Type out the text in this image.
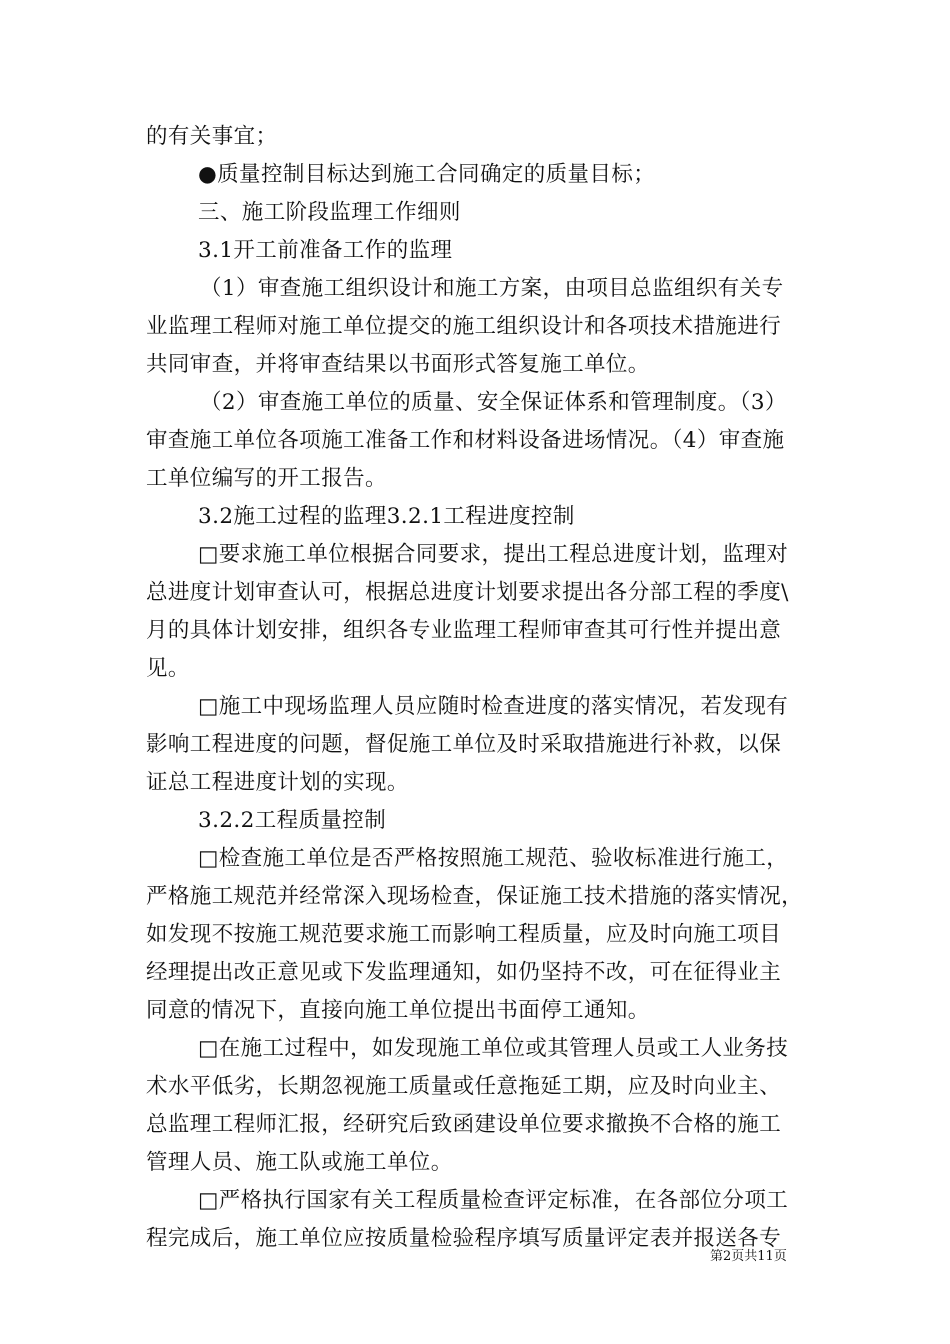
的有关事宜；
●质量控制目标达到施工合同确定的质量目标；
三、施工阶段监理工作细则
3.1开工前准备工作的监理
（1）审查施工组织设计和施工方案，由项目总监组织有关专
业监理工程师对施工单位提交的施工组织设计和各项技术措施进行
共同审查，并将审查结果以书面形式答复施工单位。
（2）审查施工单位的质量、安全保证体系和管理制度。（3）
审查施工单位各项施工准备工作和材料设备进场情况。（4）审查施
工单位编写的开工报告。
3.2施工过程的监理3.2.1工程进度控制
□要求施工单位根据合同要求，提出工程总进度计划，监理对
总进度计划审查认可，根据总进度计划要求提出各分部工程的季度\
月的具体计划安排，组织各专业监理工程师审查其可行性并提出意
见。
□施工中现场监理人员应随时检查进度的落实情况，若发现有
影响工程进度的问题，督促施工单位及时采取措施进行补救，以保
证总工程进度计划的实现。
3.2.2工程质量控制
□检查施工单位是否严格按照施工规范、验收标准进行施工，
严格施工规范并经常深入现场检查，保证施工技术措施的落实情况，
如发现不按施工规范要求施工而影响工程质量，应及时向施工项目
经理提出改正意见或下发监理通知，如仍坚持不改，可在征得业主
同意的情况下，直接向施工单位提出书面停工通知。
□在施工过程中，如发现施工单位或其管理人员或工人业务技
术水平低劣，长期忽视施工质量或任意拖延工期，应及时向业主、
总监理工程师汇报，经研究后致函建设单位要求撤换不合格的施工
管理人员、施工队或施工单位。
□严格执行国家有关工程质量检查评定标准，在各部位分项工
程完成后，施工单位应按质量检验程序填写质量评定表并报送各专
第2页共11页
